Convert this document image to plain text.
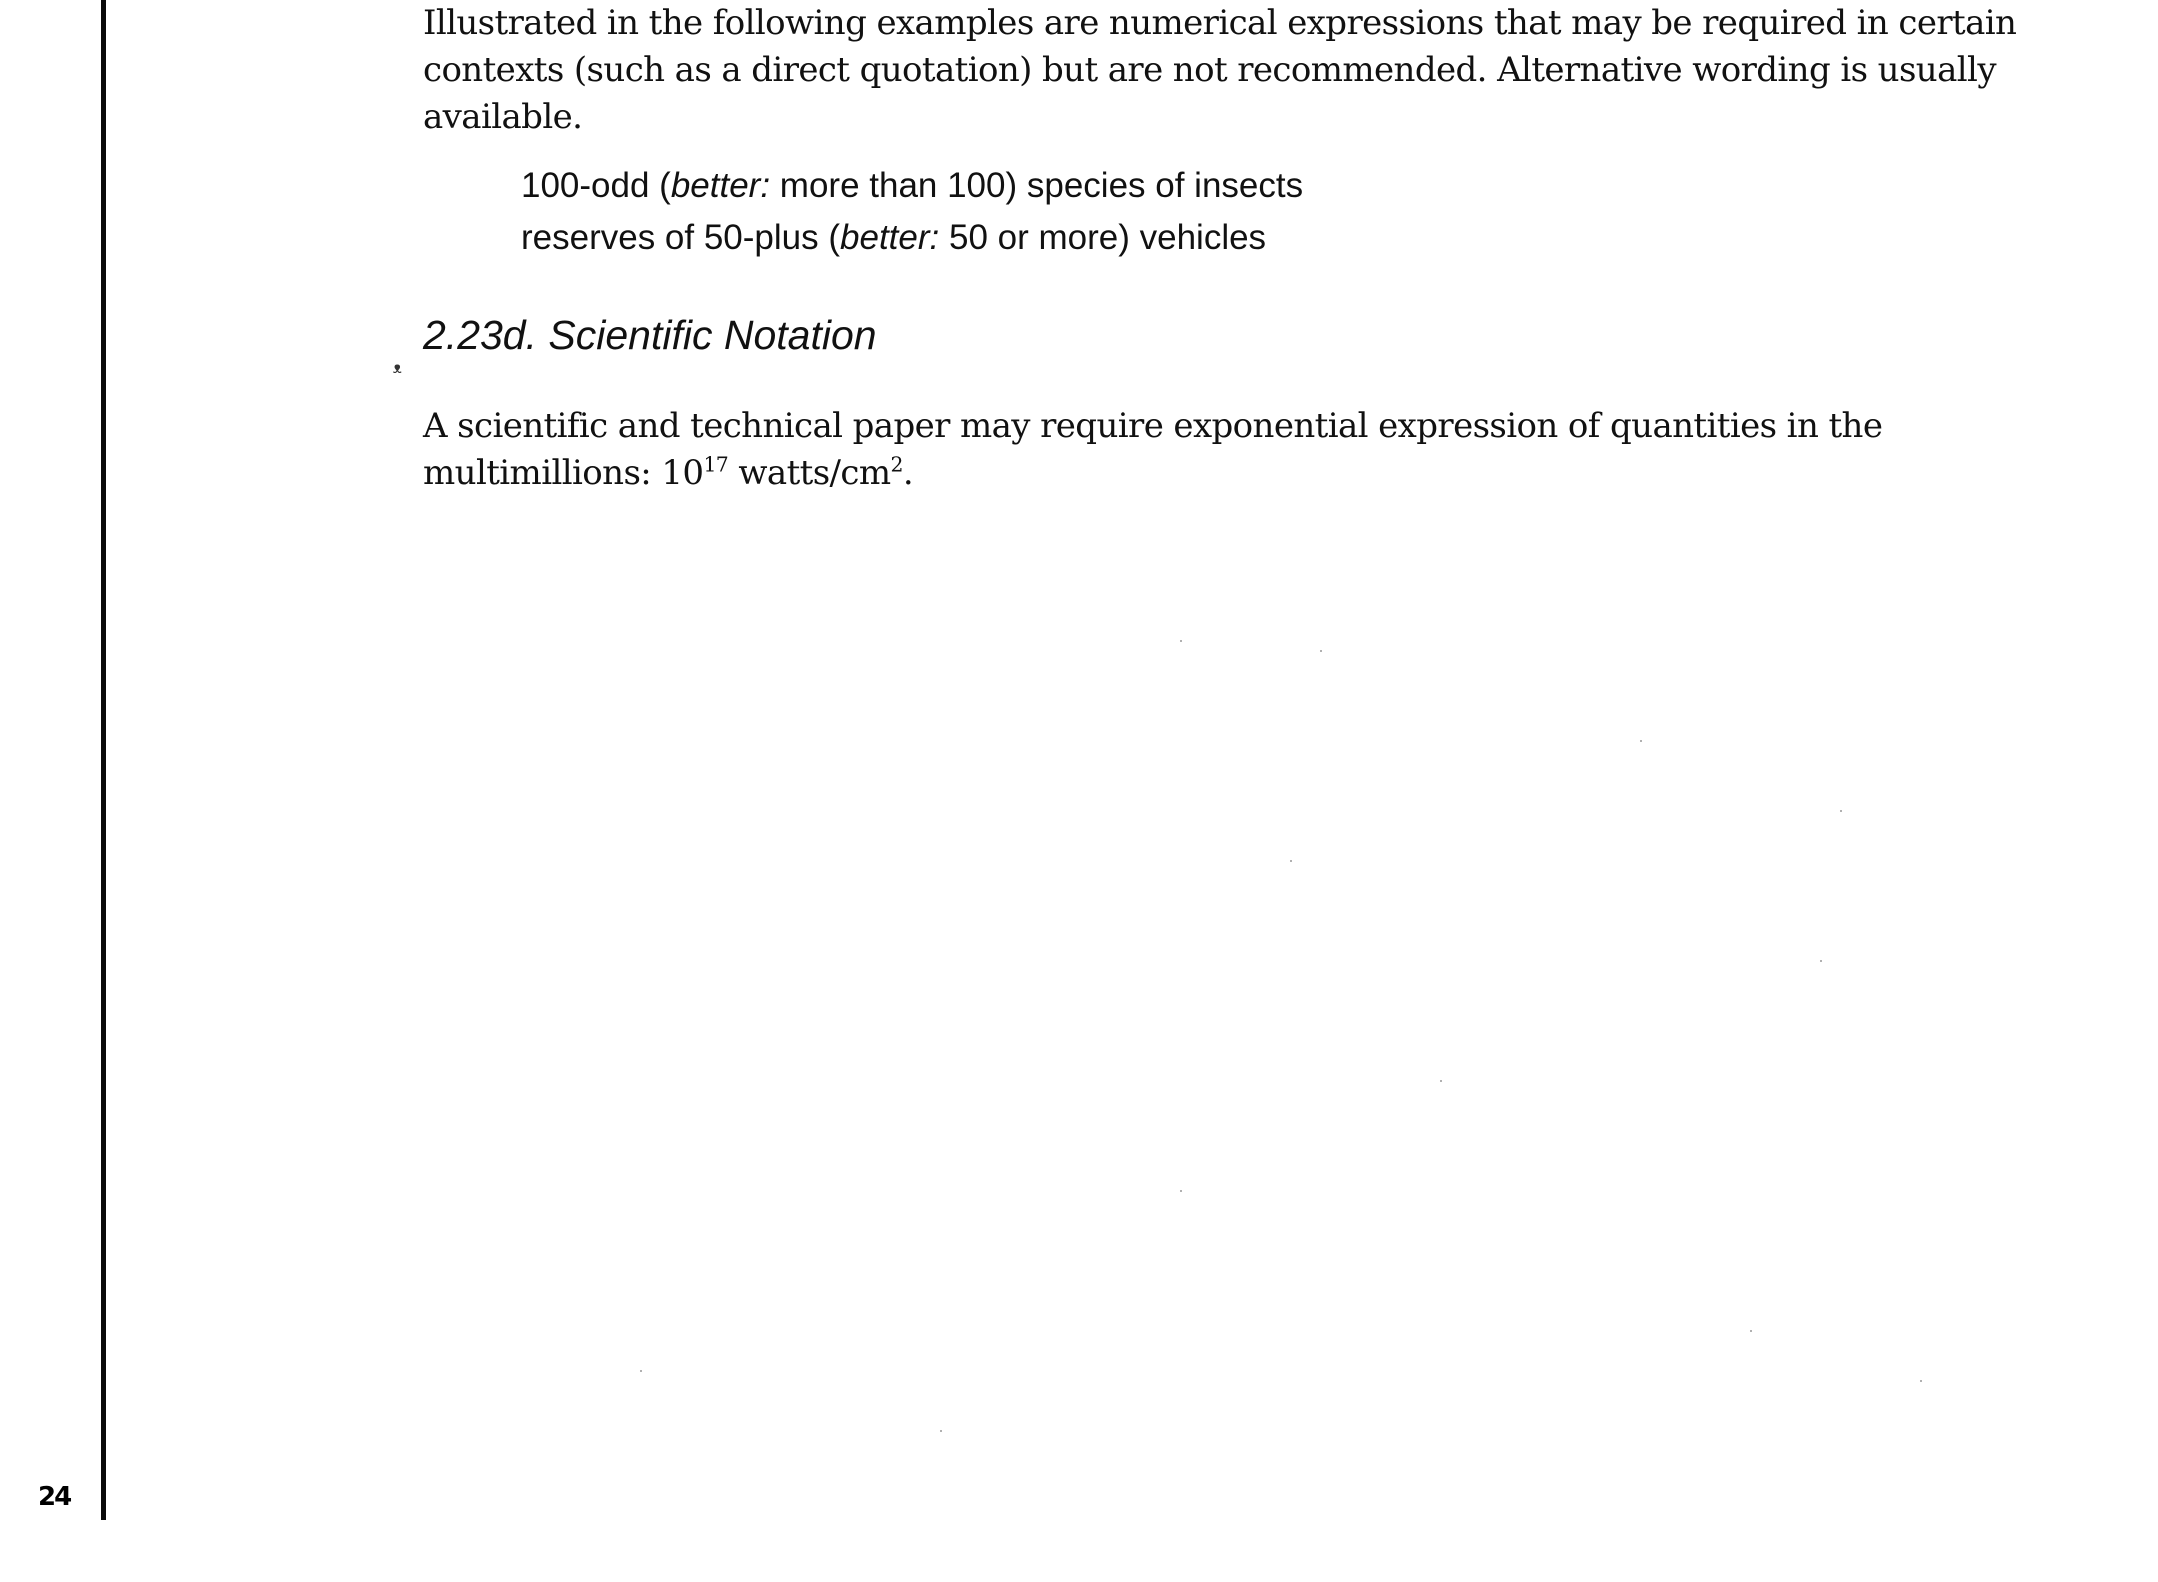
24

Illustrated in the following examples are numerical expressions that may be required in certain contexts (such as a direct quotation) but are not recommended. Alternative wording is usually available.

100-odd (better: more than 100) species of insects
reserves of 50-plus (better: 50 or more) vehicles
2.23d. Scientific Notation
ᵜ

A scientific and technical paper may require exponential expression of quantities in the multimillions: $10^{17}$ watts/$cm^2$.
